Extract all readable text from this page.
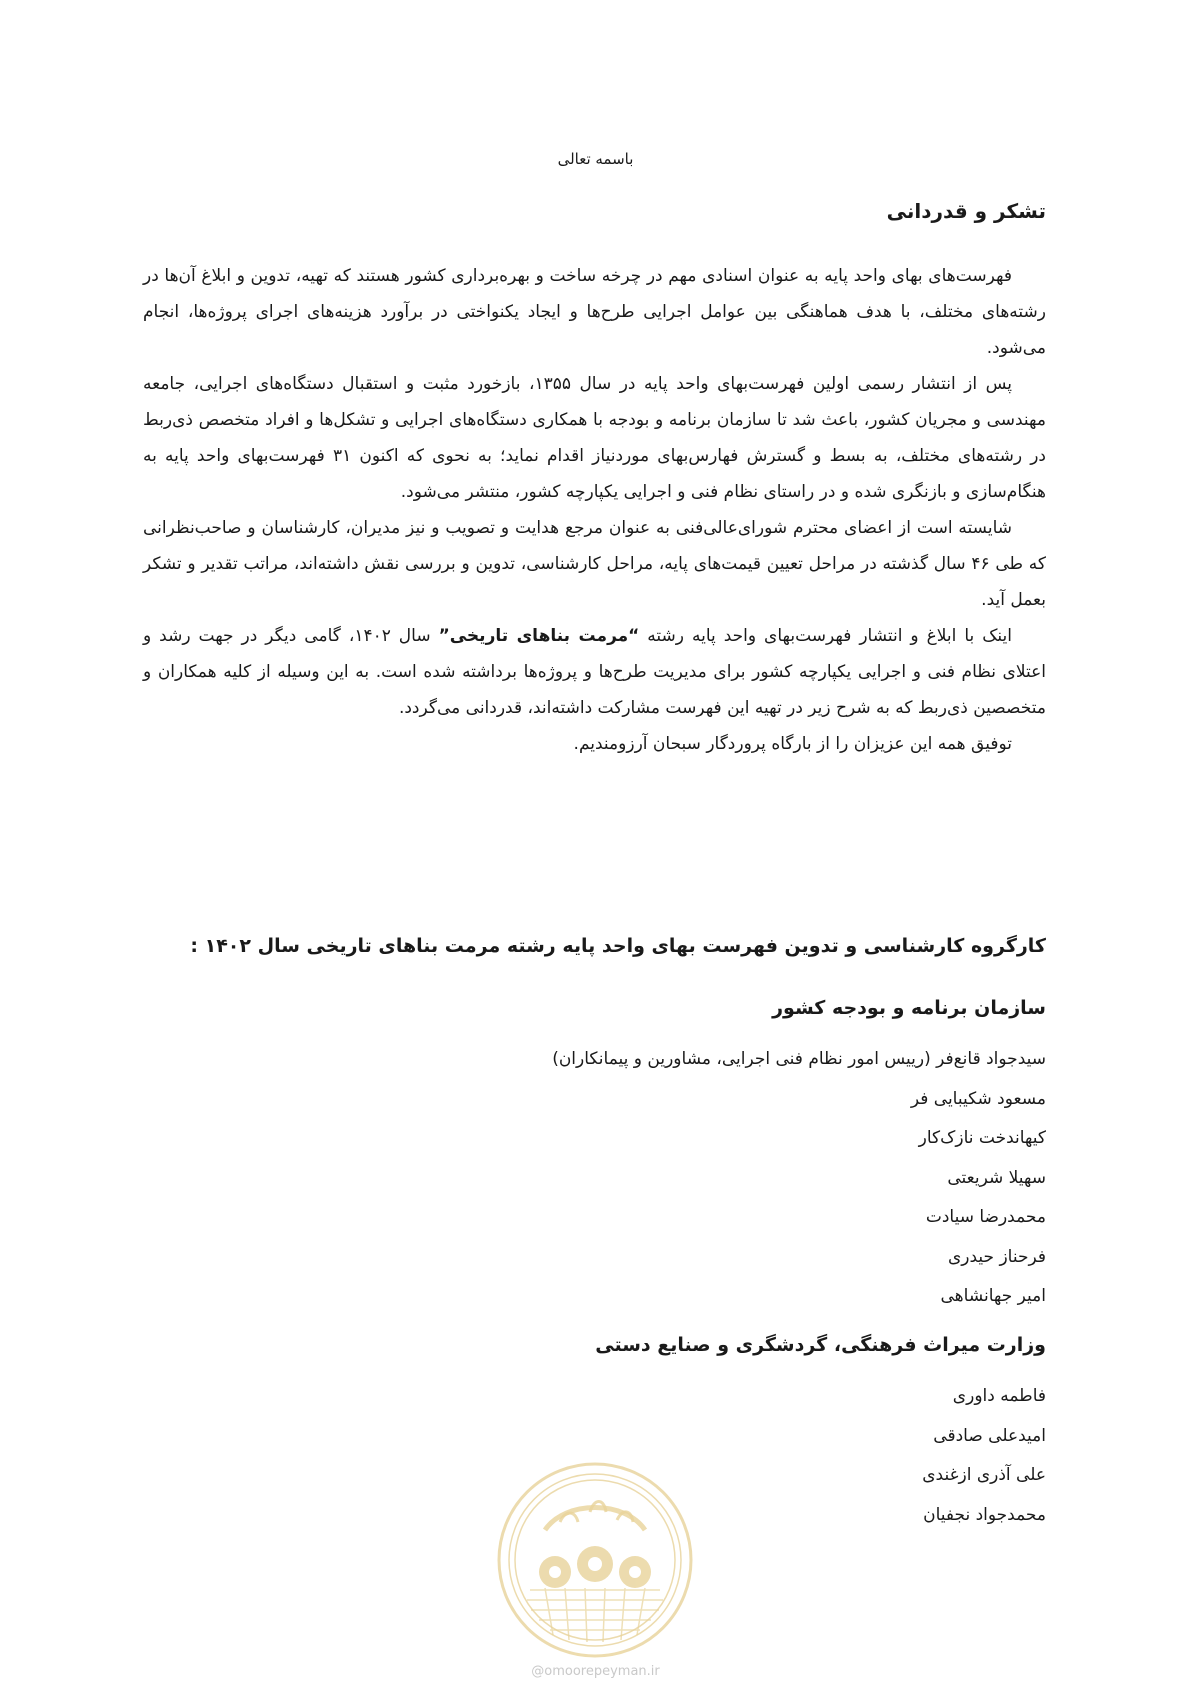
باسمه تعالی
تشکر و قدردانی

فهرست‌های بهای واحد پایه به عنوان اسنادی مهم در چرخه ساخت و بهره‌برداری کشور هستند که تهیه، تدوین و ابلاغ آن‌ها در رشته‌های مختلف، با هدف هماهنگی بین عوامل اجرایی طرح‌ها و ایجاد یکنواختی در برآورد هزینه‌های اجرای پروژه‌ها، انجام می‌شود.

پس از انتشار رسمی اولین فهرست‌بهای واحد پایه در سال ۱۳۵۵، بازخورد مثبت و استقبال دستگاه‌های اجرایی، جامعه مهندسی و مجریان کشور، باعث شد تا سازمان برنامه و بودجه با همکاری دستگاه‌های اجرایی و تشکل‌ها و افراد متخصص ذی‌ربط در رشته‌های مختلف، به بسط و گسترش فهارس‌بهای موردنیاز اقدام نماید؛ به نحوی که اکنون ۳۱ فهرست‌بهای واحد پایه به هنگام‌سازی و بازنگری شده و در راستای نظام فنی و اجرایی یکپارچه کشور، منتشر می‌شود.

شایسته است از اعضای محترم شورای‌عالی‌فنی به عنوان مرجع هدایت و تصویب و نیز مدیران، کارشناسان و صاحب‌نظرانی که طی ۴۶ سال گذشته در مراحل تعیین قیمت‌های پایه، مراحل کارشناسی، تدوین و بررسی نقش داشته‌اند، مراتب تقدیر و تشکر بعمل آید.

اینک با ابلاغ و انتشار فهرست‌بهای واحد پایه رشته “مرمت بناهای تاریخی” سال ۱۴۰۲، گامی دیگر در جهت رشد و اعتلای نظام فنی و اجرایی یکپارچه کشور برای مدیریت طرح‌ها و پروژه‌ها برداشته شده است. به این وسیله از کلیه همکاران و متخصصین ذی‌ربط که به شرح زیر در تهیه این فهرست مشارکت داشته‌اند، قدردانی می‌گردد.

توفیق همه این عزیزان را از بارگاه پروردگار سبحان آرزومندیم.

کارگروه کارشناسی و تدوین فهرست بهای واحد پایه رشته مرمت بناهای تاریخی سال ۱۴۰۲ :
سازمان برنامه و بودجه کشور
سیدجواد قانع‌فر (رییس امور نظام فنی اجرایی، مشاورین و پیمانکاران)
مسعود شکیبایی فر
کیهاندخت نازک‌کار
سهیلا شریعتی
محمدرضا سیادت
فرحناز حیدری
امیر جهانشاهی
وزارت میراث فرهنگی، گردشگری و صنایع دستی
فاطمه داوری
امیدعلی صادقی
علی آذری ازغندی
محمدجواد نجفیان
@omoorepeyman.ir
